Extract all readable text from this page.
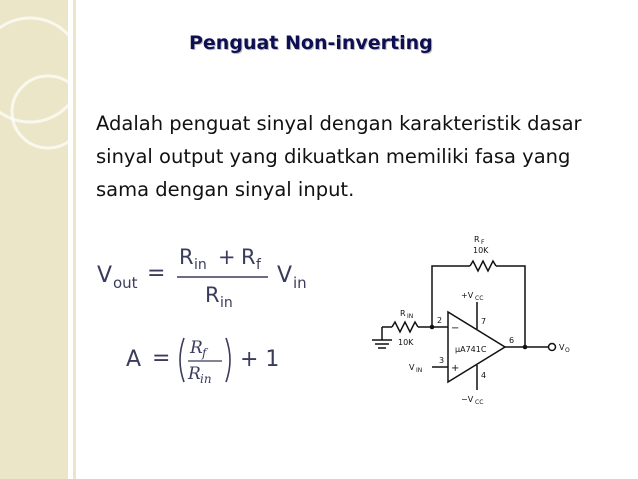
Penguat Non-inverting
Adalah penguat sinyal dengan karakteristik dasar sinyal output yang dikuatkan memiliki fasa yang sama dengan sinyal input.
V out =
R in + R f
R in
V in
A = R f
R in
+ 1
R F
10K
R IN
10K
+V CC
−V CC
V IN
V O
µA741C
2
3
4
6
7
−
+
